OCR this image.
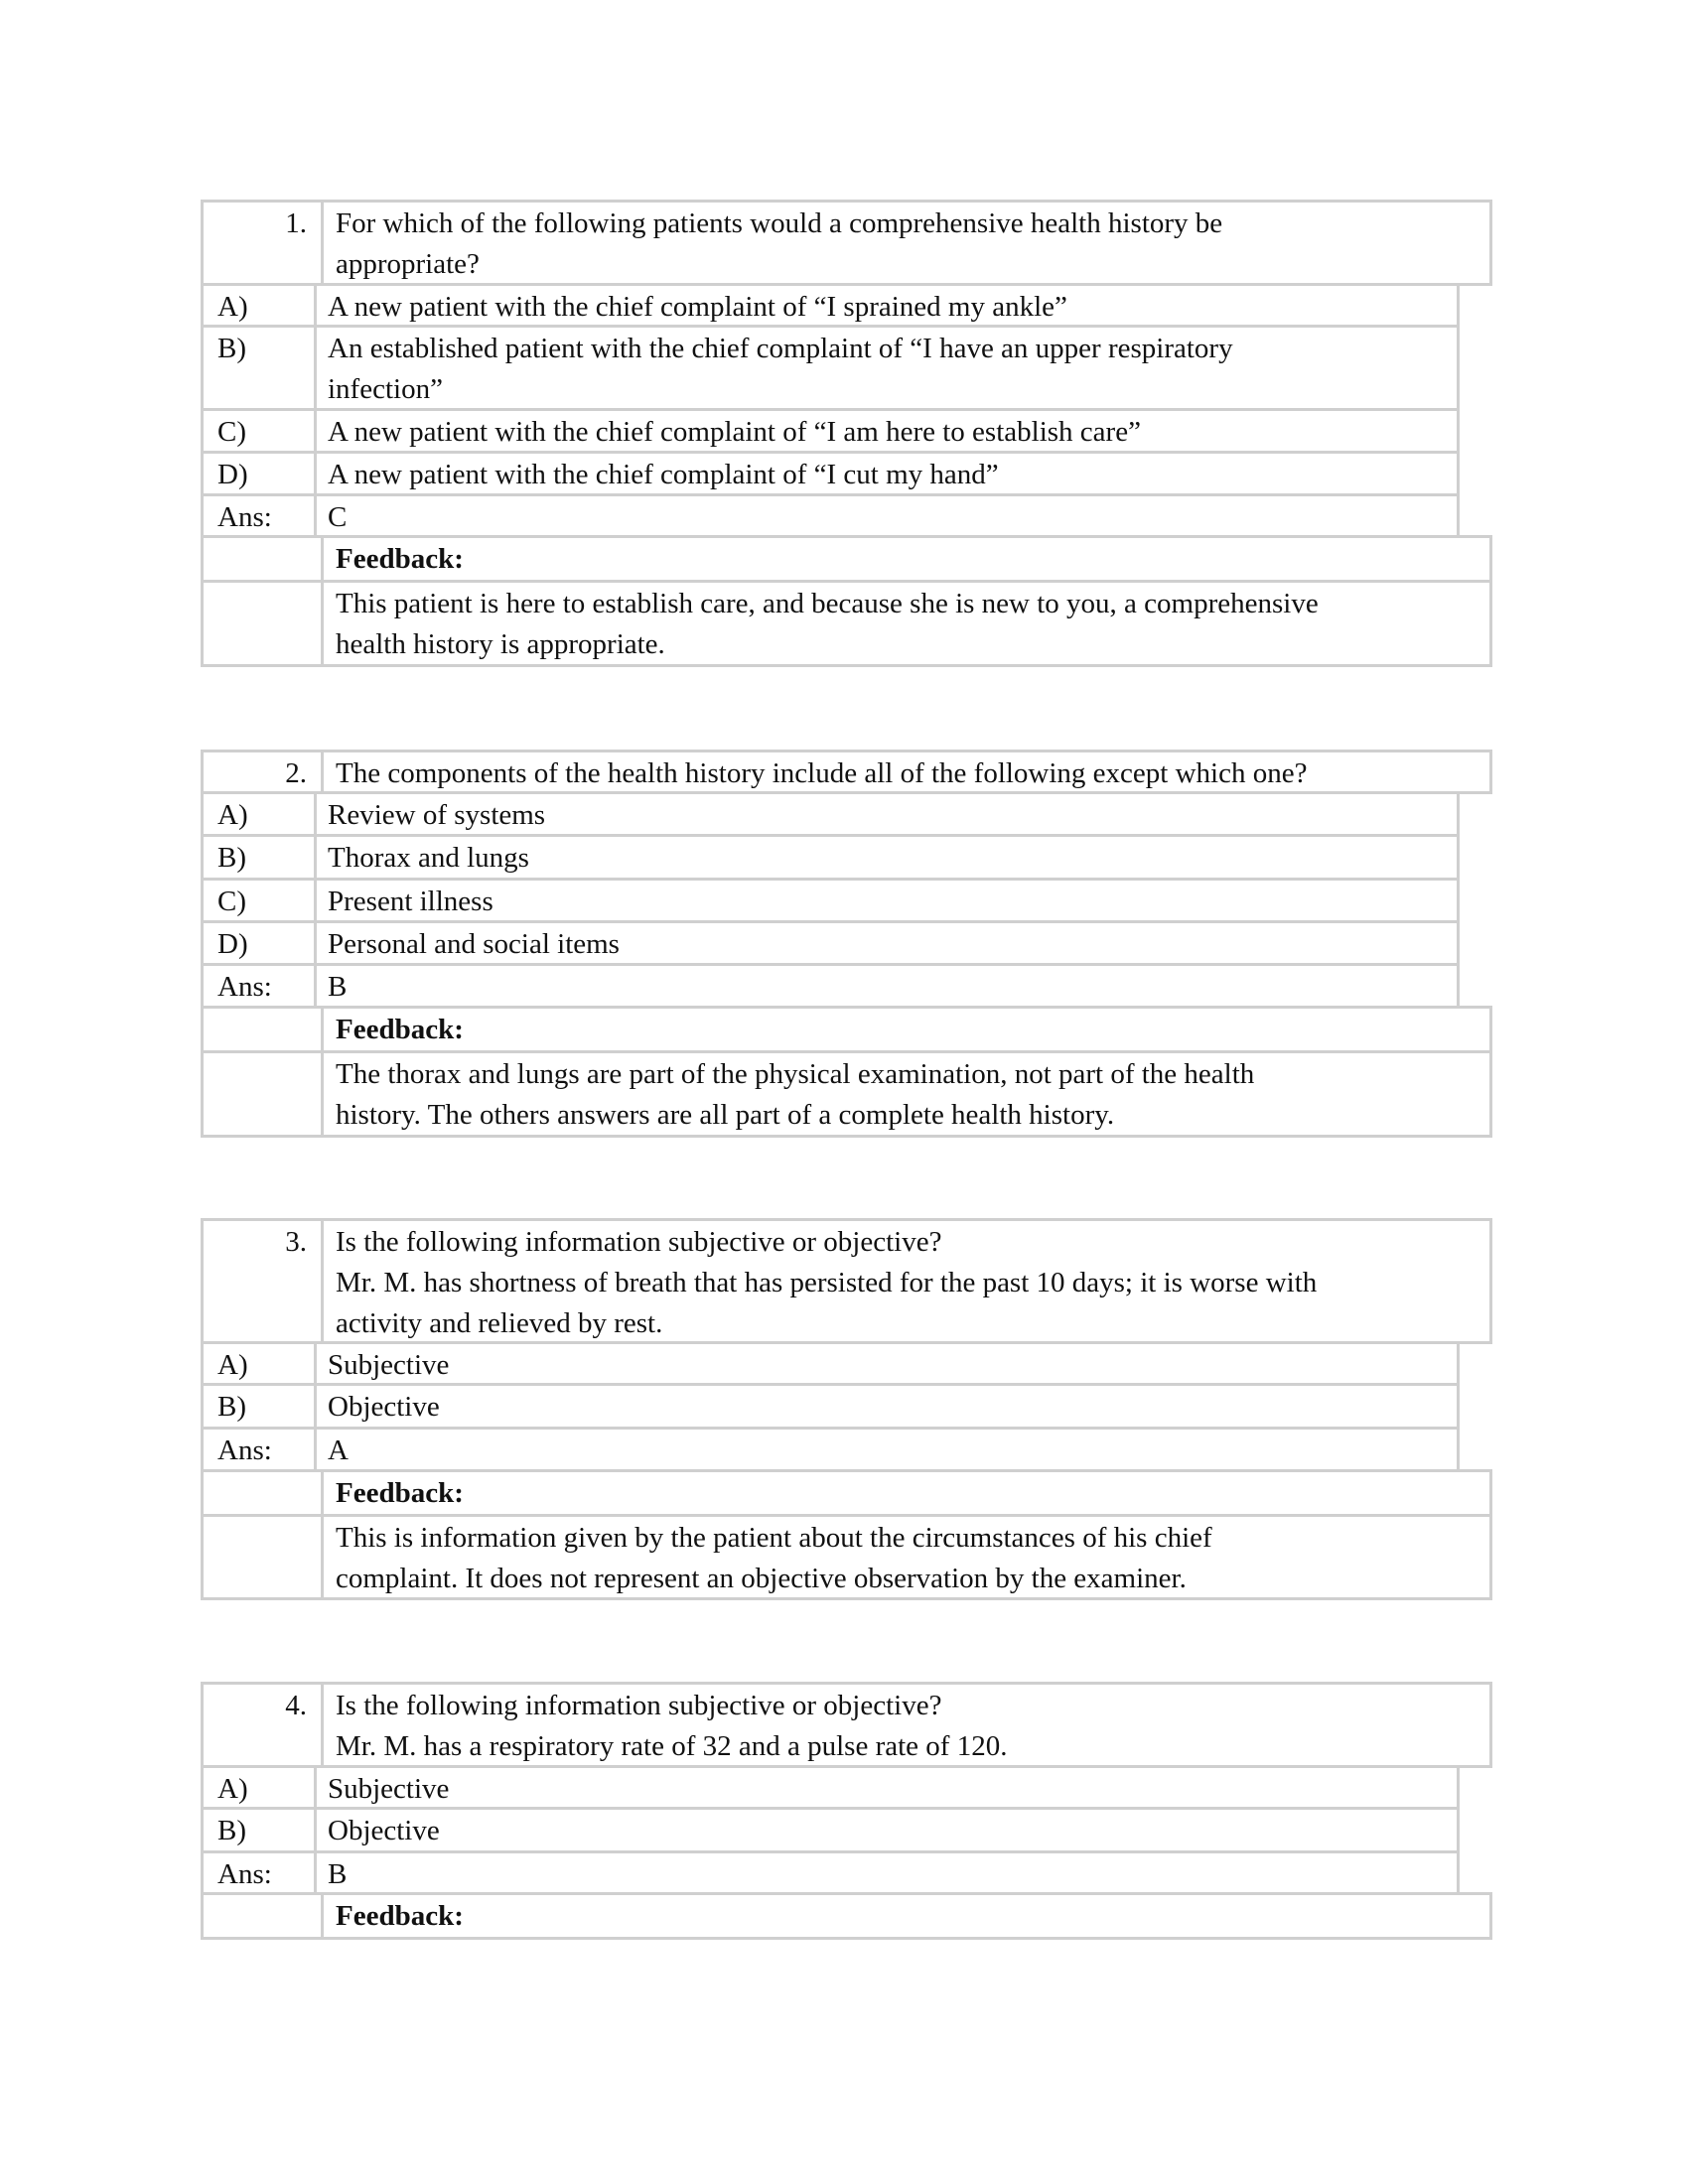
1.	For which of the following patients would a comprehensive health history be
appropriate?
A)	A new patient with the chief complaint of “I sprained my ankle”
B)	An established patient with the chief complaint of “I have an upper respiratory
infection”
C)	A new patient with the chief complaint of “I am here to establish care”
D)	A new patient with the chief complaint of “I cut my hand”
Ans:	C
Feedback:
This patient is here to establish care, and because she is new to you, a comprehensive
health history is appropriate.
2.	The components of the health history include all of the following except which one?
A)	Review of systems
B)	Thorax and lungs
C)	Present illness
D)	Personal and social items
Ans:	B
Feedback:
The thorax and lungs are part of the physical examination, not part of the health
history. The others answers are all part of a complete health history.
3.	Is the following information subjective or objective?
Mr. M. has shortness of breath that has persisted for the past 10 days; it is worse with
activity and relieved by rest.
A)	Subjective
B)	Objective
Ans:	A
Feedback:
This is information given by the patient about the circumstances of his chief
complaint. It does not represent an objective observation by the examiner.
4.	Is the following information subjective or objective?
Mr. M. has a respiratory rate of 32 and a pulse rate of 120.
A)	Subjective
B)	Objective
Ans:	B
Feedback:
